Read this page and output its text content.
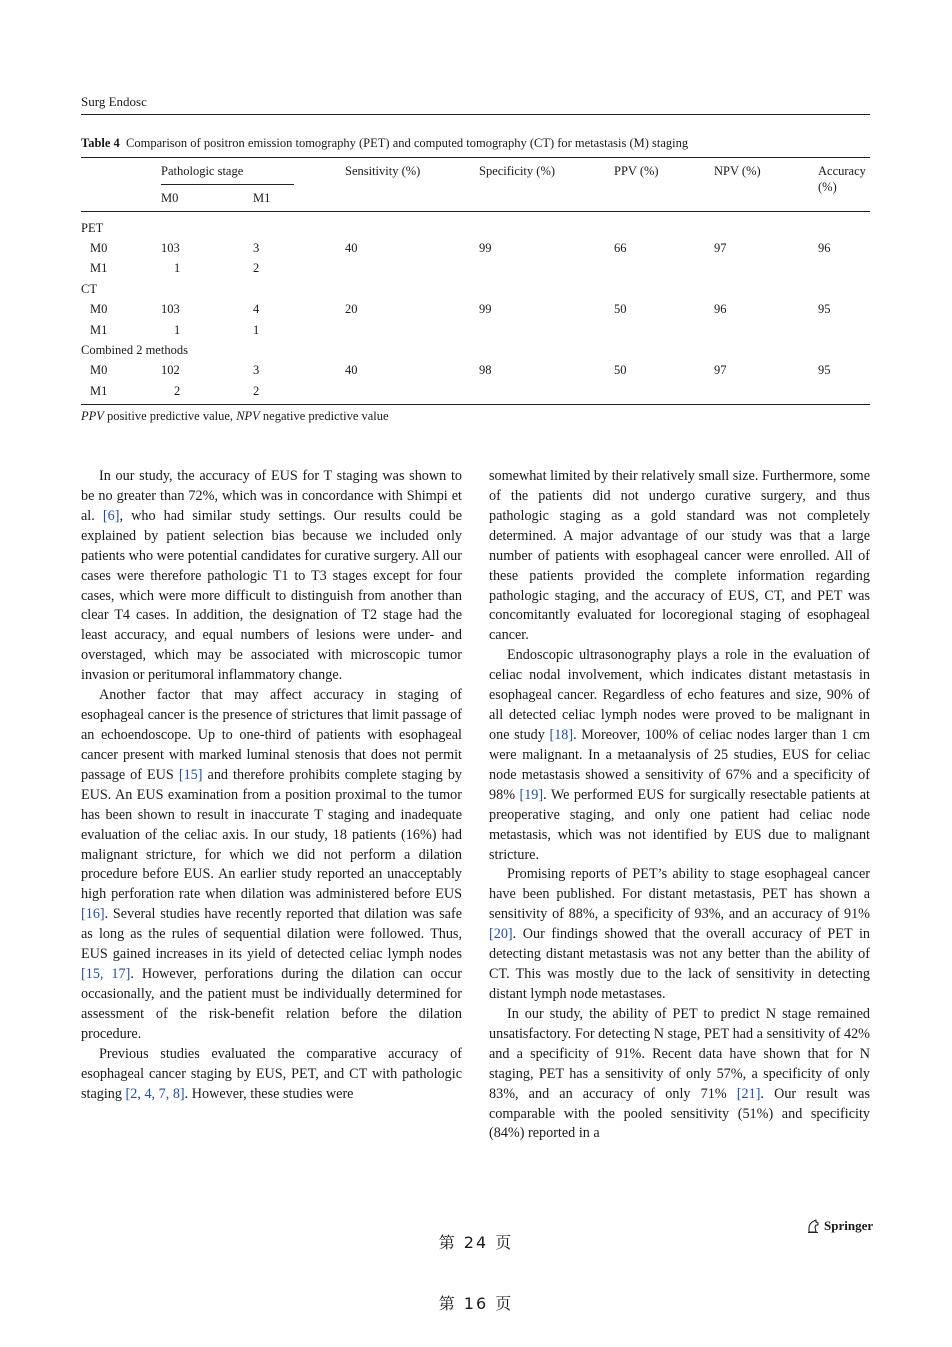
Surg Endosc
Table 4 Comparison of positron emission tomography (PET) and computed tomography (CT) for metastasis (M) staging
Pathologic stage
M0	M1
Sensitivity (%)	Specificity (%)	PPV (%)	NPV (%)	Accuracy (%)
PET
M0	103	3	40	99	66	97	96
M1	1	2
CT
M0	103	4	20	99	50	96	95
M1	1	1
Combined 2 methods
M0	102	3	40	98	50	97	95
M1	2	2
PPV positive predictive value, NPV negative predictive value

In our study, the accuracy of EUS for T staging was shown to be no greater than 72%, which was in concordance with Shimpi et al. [6], who had similar study settings. Our results could be explained by patient selection bias because we included only patients who were potential candidates for curative surgery. All our cases were therefore pathologic T1 to T3 stages except for four cases, which were more difficult to distinguish from another than clear T4 cases. In addition, the designation of T2 stage had the least accuracy, and equal numbers of lesions were under- and overstaged, which may be associated with microscopic tumor invasion or peritumoral inflammatory change.

Another factor that may affect accuracy in staging of esophageal cancer is the presence of strictures that limit passage of an echoendoscope. Up to one-third of patients with esophageal cancer present with marked luminal stenosis that does not permit passage of EUS [15] and therefore prohibits complete staging by EUS. An EUS examination from a position proximal to the tumor has been shown to result in inaccurate T staging and inadequate evaluation of the celiac axis. In our study, 18 patients (16%) had malignant stricture, for which we did not perform a dilation procedure before EUS. An earlier study reported an unacceptably high perforation rate when dilation was administered before EUS [16]. Several studies have recently reported that dilation was safe as long as the rules of sequential dilation were followed. Thus, EUS gained increases in its yield of detected celiac lymph nodes [15, 17]. However, perforations during the dilation can occur occasionally, and the patient must be individually determined for assessment of the risk-benefit relation before the dilation procedure.

Previous studies evaluated the comparative accuracy of esophageal cancer staging by EUS, PET, and CT with pathologic staging [2, 4, 7, 8]. However, these studies were

somewhat limited by their relatively small size. Furthermore, some of the patients did not undergo curative surgery, and thus pathologic staging as a gold standard was not completely determined. A major advantage of our study was that a large number of patients with esophageal cancer were enrolled. All of these patients provided the complete information regarding pathologic staging, and the accuracy of EUS, CT, and PET was concomitantly evaluated for locoregional staging of esophageal cancer.

Endoscopic ultrasonography plays a role in the evaluation of celiac nodal involvement, which indicates distant metastasis in esophageal cancer. Regardless of echo features and size, 90% of all detected celiac lymph nodes were proved to be malignant in one study [18]. Moreover, 100% of celiac nodes larger than 1 cm were malignant. In a metaanalysis of 25 studies, EUS for celiac node metastasis showed a sensitivity of 67% and a specificity of 98% [19]. We performed EUS for surgically resectable patients at preoperative staging, and only one patient had celiac node metastasis, which was not identified by EUS due to malignant stricture.

Promising reports of PET’s ability to stage esophageal cancer have been published. For distant metastasis, PET has shown a sensitivity of 88%, a specificity of 93%, and an accuracy of 91% [20]. Our findings showed that the overall accuracy of PET in detecting distant metastasis was not any better than the ability of CT. This was mostly due to the lack of sensitivity in detecting distant lymph node metastases.

In our study, the ability of PET to predict N stage remained unsatisfactory. For detecting N stage, PET had a sensitivity of 42% and a specificity of 91%. Recent data have shown that for N staging, PET has a sensitivity of only 57%, a specificity of only 83%, and an accuracy of only 71% [21]. Our result was comparable with the pooled sensitivity (51%) and specificity (84%) reported in a

Springer
第 24 页
第 16 页
